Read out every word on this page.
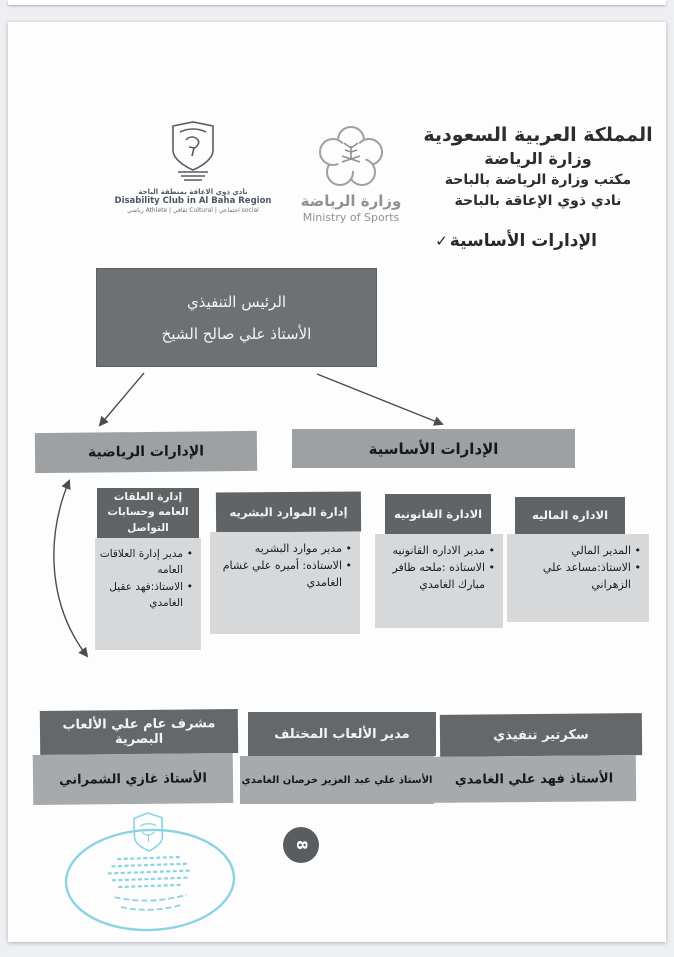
المملكة العربية السعودية
وزارة الرياضة
مكتب وزارة الرياضة بالباحة
نادي ذوي الإعاقة بالباحة
وزارة الرياضة
Ministry of Sports
نادي ذوي الاعاقة بمنطقة الباحة
Disability Club in Al Baha Region
رياضي Athlete | ثقافي Cultural | اجتماعي social
✓ الإدارات الأساسية
الرئيس التنفيذي
الأستاذ علي صالح الشيخ
الإدارات الرياضية	الإدارات الأساسية
الاداره الماليه
• المدير المالي
• الاستاذ:مساعد علي الزهراني
الادارة القانونيه
• مدير الاداره القانونيه
• الاستاذه :ملحه ظافر مبارك الغامدي
إدارة الموارد البشريه
• مدير موارد البشريه
• الاستاذه: أميره علي غشام الغامدي
إدارة العلقات العامه وحسابات التواصل
• مدير إدارة العلاقات العامه
• الاستاذ:فهد عقيل الغامدي
سكرتير تنفيذي
الأستاذ فهد علي الغامدي
مدير الألعاب المختلف
الأستاذ علي عبد العزيز خرصان الغامدي
مشرف عام علي الألعاب البصرية
الأستاذ غازي الشمراني
8
